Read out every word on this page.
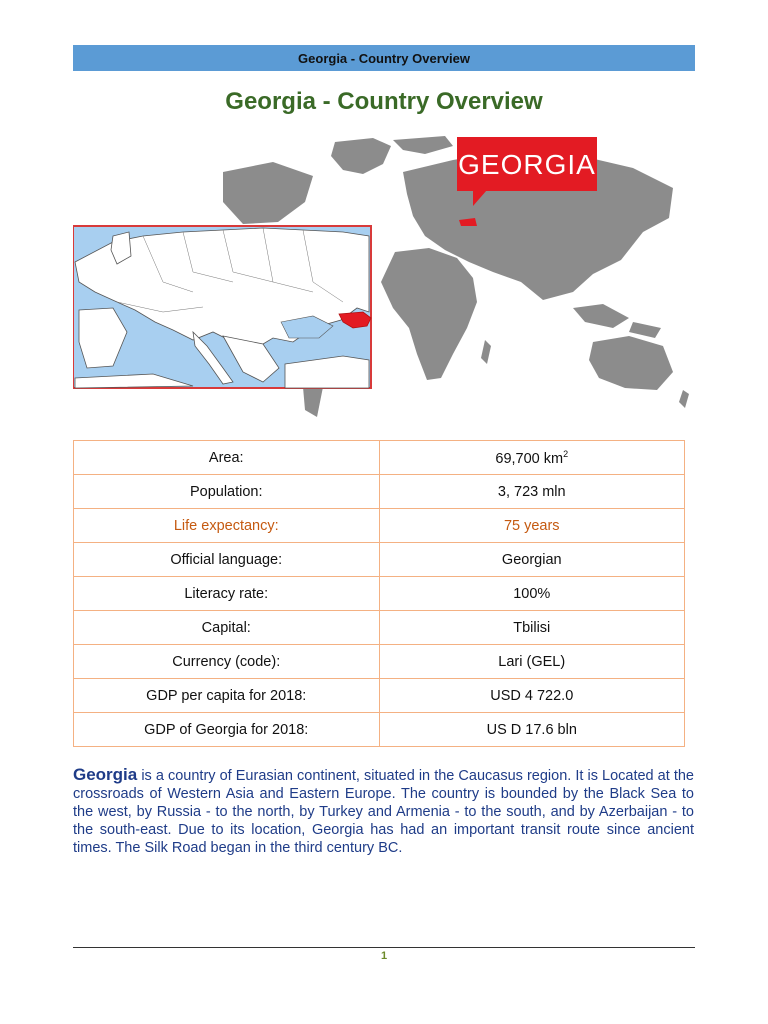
Georgia - Country Overview
Georgia - Country Overview
GEORGIA
Area:	69,700 $km^2$
Population:	3, 723 mln
Life expectancy:	75 years
Official language:	Georgian
Literacy rate:	100%
Capital:	Tbilisi
Currency (code):	Lari (GEL)
GDP per capita for 2018:	USD 4 722.0
GDP of Georgia for 2018:	US D 17.6 bln

Georgia is a country of Eurasian continent, situated in the Caucasus region. It is Located at the crossroads of Western Asia and Eastern Europe. The country is bounded by the Black Sea to the west, by Russia - to the north, by Turkey and Armenia - to the south, and by Azerbaijan - to the south-east. Due to its location, Georgia has had an important transit route since ancient times. The Silk Road began in the third century BC.

1
